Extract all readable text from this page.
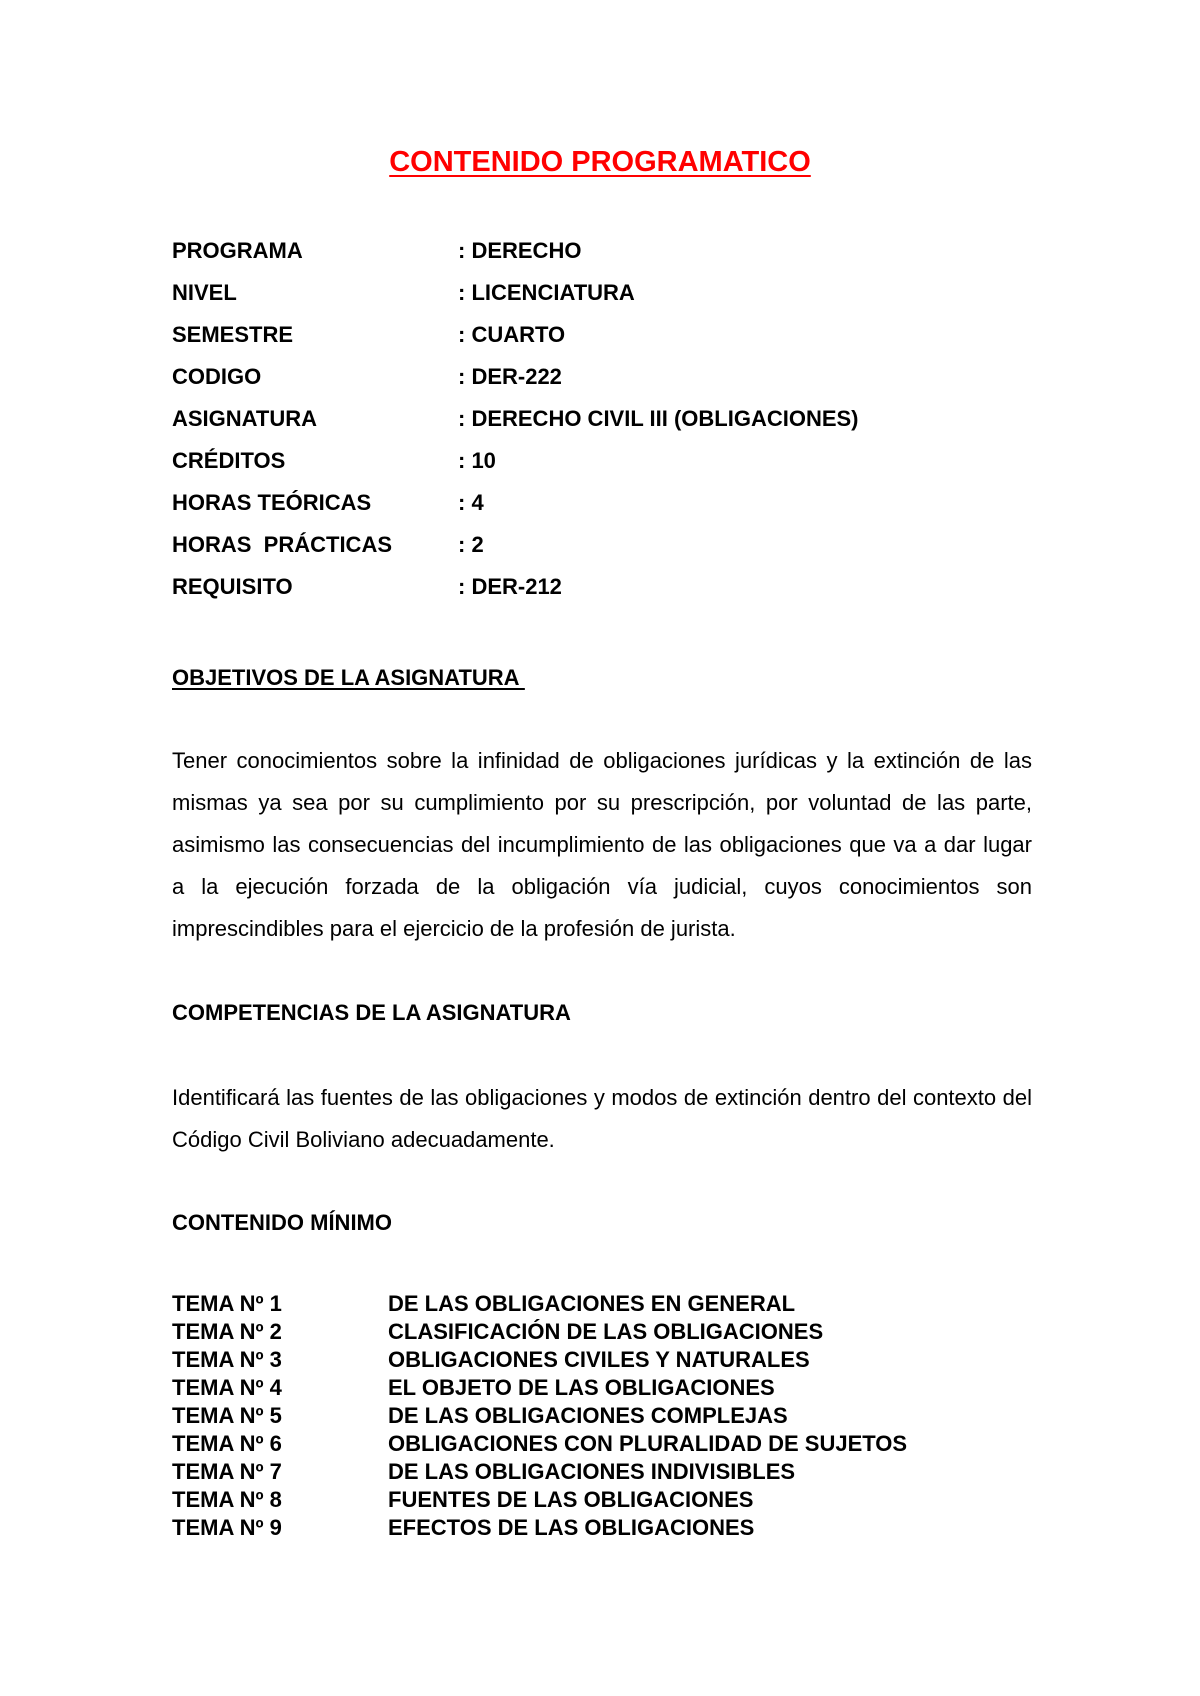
CONTENIDO PROGRAMATICO
PROGRAMA	: DERECHO
NIVEL	: LICENCIATURA
SEMESTRE	: CUARTO
CODIGO	: DER-222
ASIGNATURA	: DERECHO CIVIL III (OBLIGACIONES)
CRÉDITOS	: 10
HORAS TEÓRICAS	: 4
HORAS  PRÁCTICAS	: 2
REQUISITO	: DER-212
OBJETIVOS DE LA ASIGNATURA
Tener conocimientos sobre la infinidad de obligaciones jurídicas y la extinción de las mismas ya sea por su cumplimiento por su prescripción, por voluntad de las parte, asimismo las consecuencias del incumplimiento de las obligaciones que va a dar lugar a la ejecución forzada de la obligación vía judicial, cuyos conocimientos son imprescindibles para el ejercicio de la profesión de jurista.
COMPETENCIAS DE LA ASIGNATURA
Identificará las fuentes de las obligaciones y modos de extinción dentro del contexto del Código Civil Boliviano adecuadamente.
CONTENIDO MÍNIMO
TEMA Nº 1	DE LAS OBLIGACIONES EN GENERAL
TEMA Nº 2	CLASIFICACIÓN DE LAS OBLIGACIONES
TEMA Nº 3	OBLIGACIONES CIVILES Y NATURALES
TEMA Nº 4	EL OBJETO DE LAS OBLIGACIONES
TEMA Nº 5	DE LAS OBLIGACIONES COMPLEJAS
TEMA Nº 6	OBLIGACIONES CON PLURALIDAD DE SUJETOS
TEMA Nº 7	DE LAS OBLIGACIONES INDIVISIBLES
TEMA Nº 8	FUENTES DE LAS OBLIGACIONES
TEMA Nº 9	EFECTOS DE LAS OBLIGACIONES
